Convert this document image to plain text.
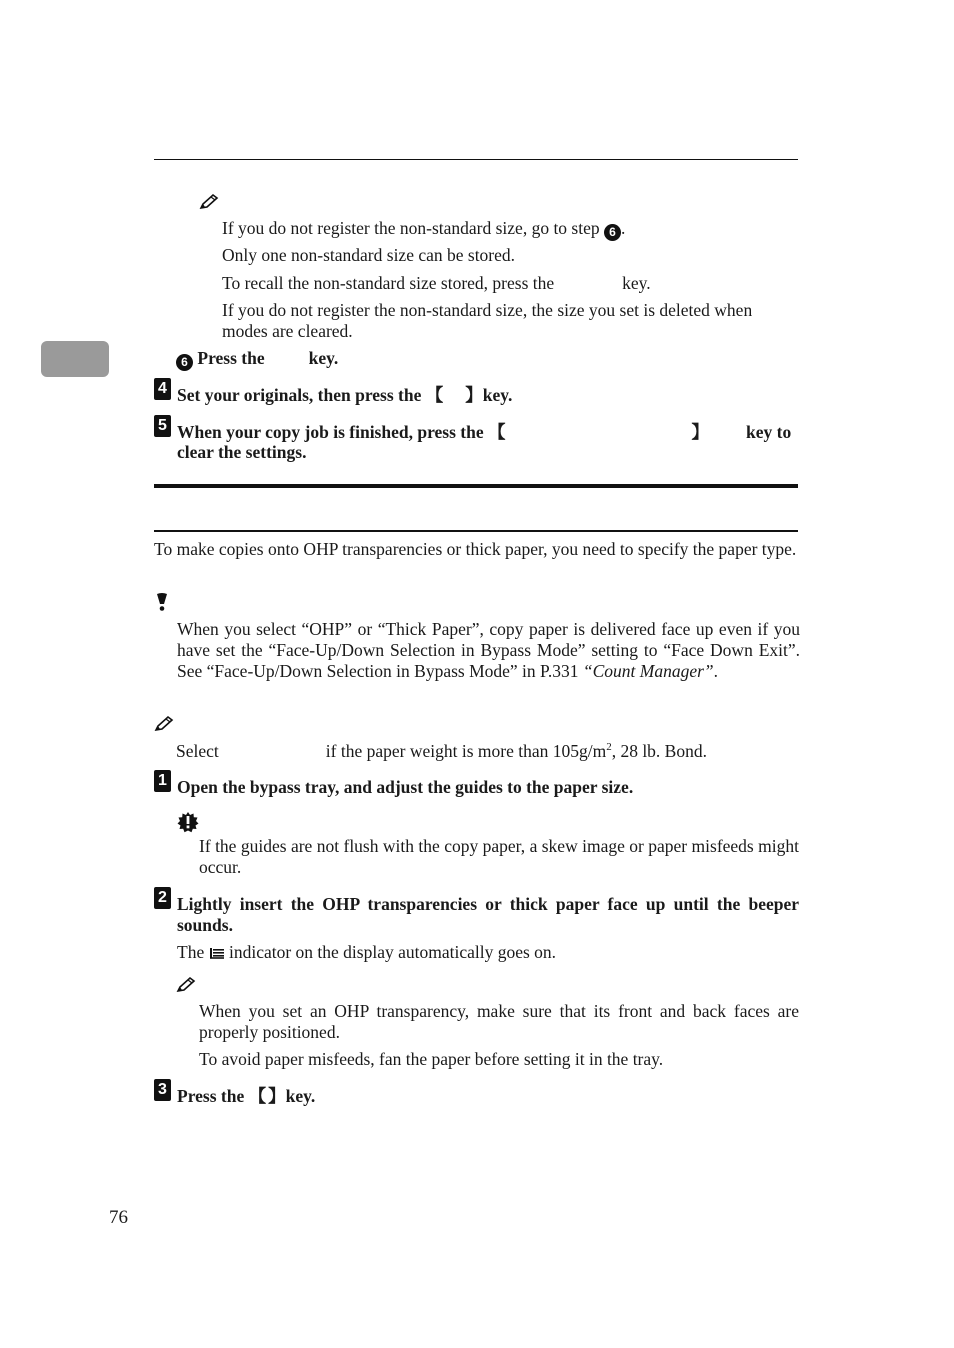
If you do not register the non-standard size, go to step 6 .
Only one non-standard size can be stored.
To recall the non-standard size stored, press the	key.
If you do not register the non-standard size, the size you set is deleted when modes are cleared.
6 Press the	key.
4 Set your originals, then press the 【 】key.
5 When your copy job is finished, press the 【	】 key to
clear the settings.
To make copies onto OHP transparencies or thick paper, you need to specify the paper type.
When you select “OHP” or “Thick Paper”, copy paper is delivered face up even if you have set the “Face-Up/Down Selection in Bypass Mode” setting to “Face Down Exit”. See “Face-Up/Down Selection in Bypass Mode” in P.331 “Count Manager”.
Select	if the paper weight is more than $105g/m^2$, 28 lb. Bond.
1 Open the bypass tray, and adjust the guides to the paper size.
If the guides are not flush with the copy paper, a skew image or paper misfeeds might occur.
2 Lightly insert the OHP transparencies or thick paper face up until the beeper sounds.
The indicator on the display automatically goes on.
When you set an OHP transparency, make sure that its front and back faces are properly positioned.
To avoid paper misfeeds, fan the paper before setting it in the tray.
3 Press the 【 】key.
76
